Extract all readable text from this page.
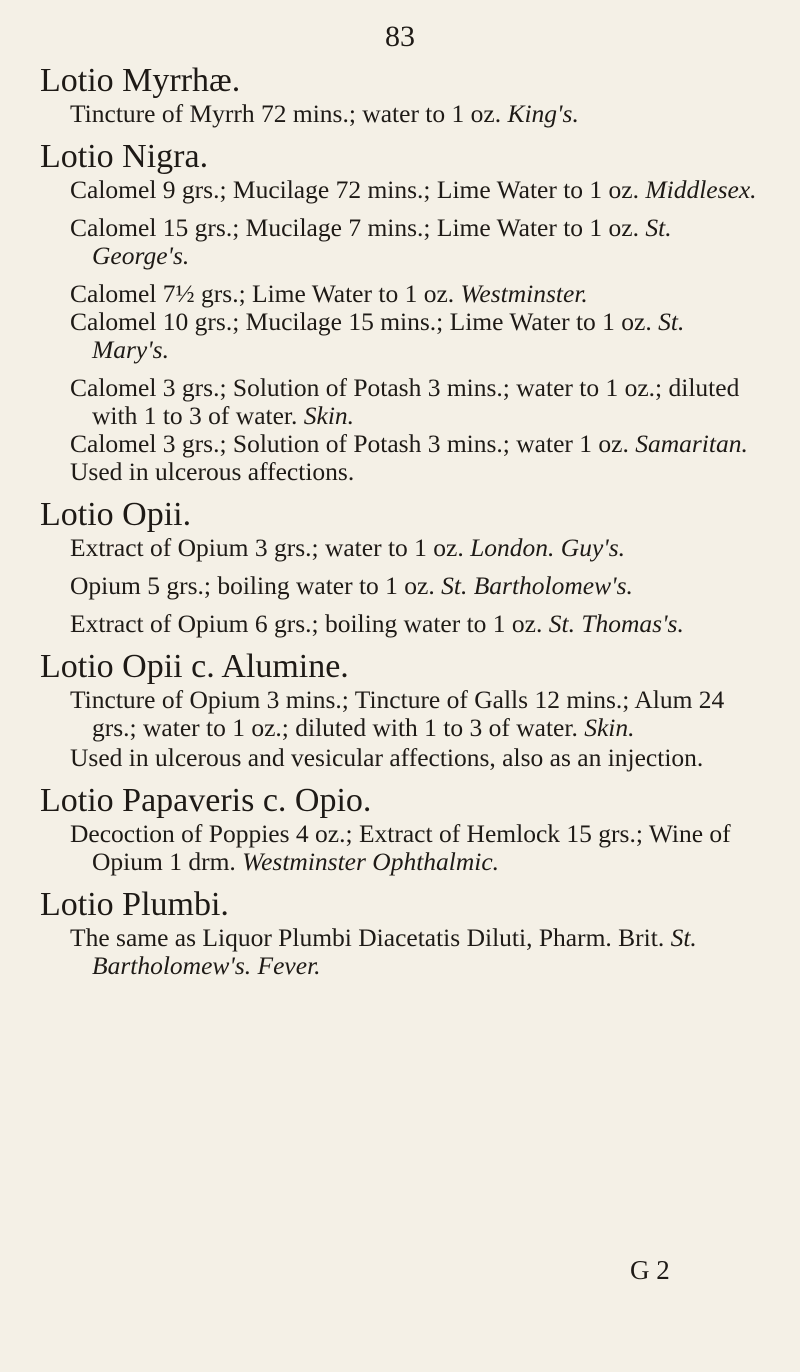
83
Lotio Myrrhæ.

Tincture of Myrrh 72 mins.; water to 1 oz. King's.

Lotio Nigra.

Calomel 9 grs.; Mucilage 72 mins.; Lime Water to 1 oz. Middlesex.

Calomel 15 grs.; Mucilage 7 mins.; Lime Water to 1 oz. St. George's.

Calomel 7½ grs.; Lime Water to 1 oz. Westminster.

Calomel 10 grs.; Mucilage 15 mins.; Lime Water to 1 oz. St. Mary's.

Calomel 3 grs.; Solution of Potash 3 mins.; water to 1 oz.; diluted with 1 to 3 of water. Skin.

Calomel 3 grs.; Solution of Potash 3 mins.; water 1 oz. Samaritan.

Used in ulcerous affections.

Lotio Opii.

Extract of Opium 3 grs.; water to 1 oz. London. Guy's.

Opium 5 grs.; boiling water to 1 oz. St. Bartholomew's.

Extract of Opium 6 grs.; boiling water to 1 oz. St. Thomas's.

Lotio Opii c. Alumine.

Tincture of Opium 3 mins.; Tincture of Galls 12 mins.; Alum 24 grs.; water to 1 oz.; diluted with 1 to 3 of water. Skin.

Used in ulcerous and vesicular affections, also as an injection.

Lotio Papaveris c. Opio.

Decoction of Poppies 4 oz.; Extract of Hemlock 15 grs.; Wine of Opium 1 drm. Westminster Ophthalmic.

Lotio Plumbi.

The same as Liquor Plumbi Diacetatis Diluti, Pharm. Brit. St. Bartholomew's. Fever.

G 2
